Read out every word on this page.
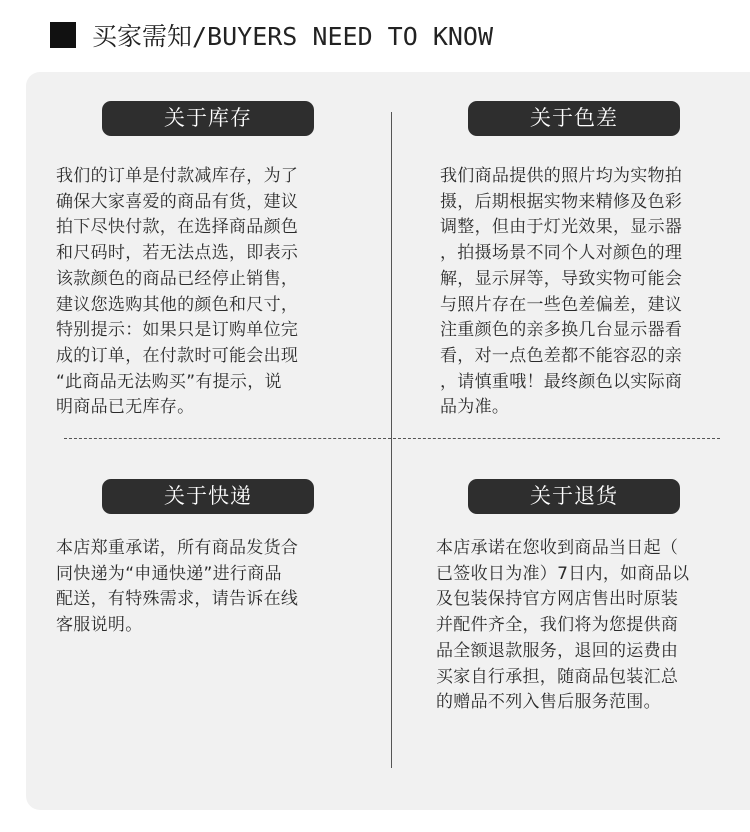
买家需知/BUYERS NEED TO KNOW
关于库存
我们的订单是付款减库存，为了
确保大家喜爱的商品有货，建议
拍下尽快付款，在选择商品颜色
和尺码时，若无法点选，即表示
该款颜色的商品已经停止销售，
建议您选购其他的颜色和尺寸，
特别提示：如果只是订购单位完
成的订单，在付款时可能会出现
“此商品无法购买”有提示，说
明商品已无库存。
关于色差
我们商品提供的照片均为实物拍
摄，后期根据实物来精修及色彩
调整，但由于灯光效果，显示器
，拍摄场景不同个人对颜色的理
解，显示屏等，导致实物可能会
与照片存在一些色差偏差，建议
注重颜色的亲多换几台显示器看
看，对一点色差都不能容忍的亲
，请慎重哦！最终颜色以实际商
品为准。
关于快递
本店郑重承诺，所有商品发货合
同快递为“申通快递”进行商品
配送，有特殊需求，请告诉在线
客服说明。
关于退货
本店承诺在您收到商品当日起（
已签收日为准）7日内，如商品以
及包装保持官方网店售出时原装
并配件齐全，我们将为您提供商
品全额退款服务，退回的运费由
买家自行承担，随商品包装汇总
的赠品不列入售后服务范围。
